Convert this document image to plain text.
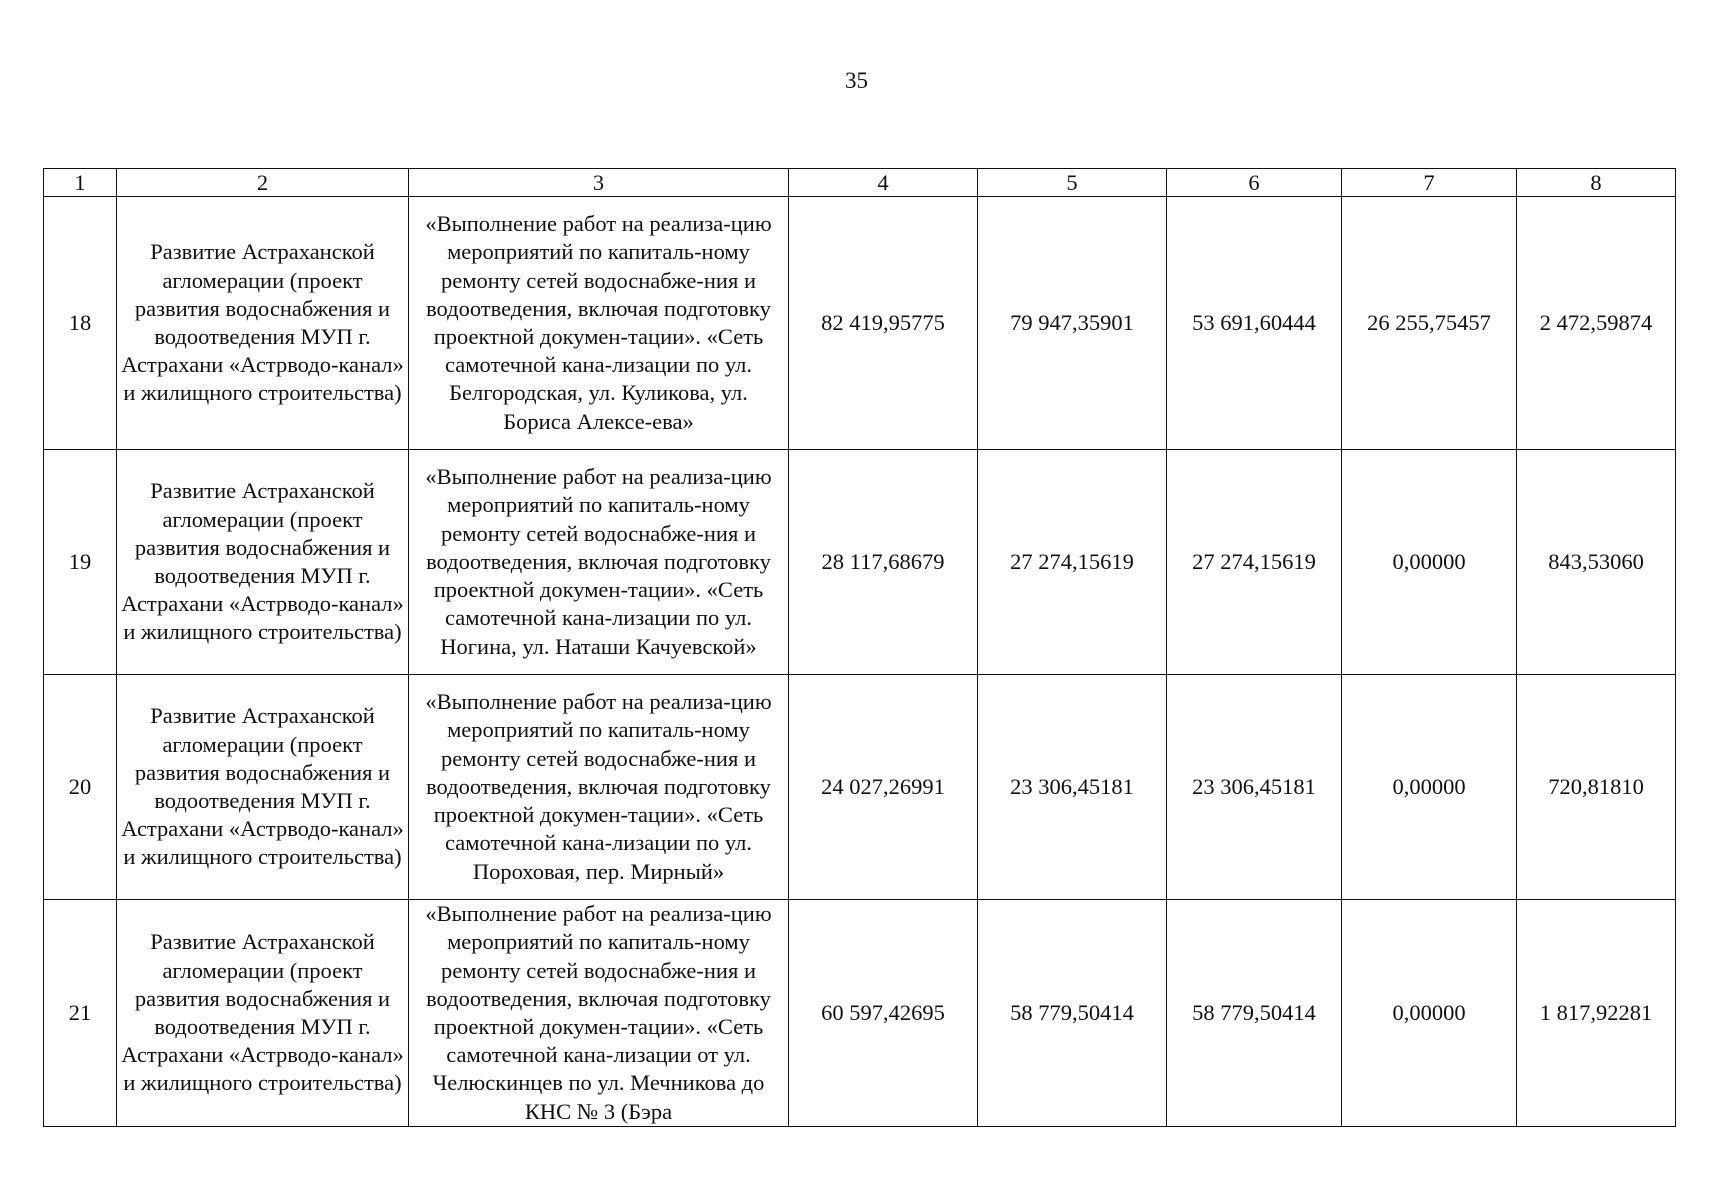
35
1	2	3	4	5	6	7	8
18	Развитие Астраханской агломерации (проект развития водоснабжения и водоотведения МУП г. Астрахани «Астрводо-канал» и жилищного строительства)	«Выполнение работ на реализа-цию мероприятий по капиталь-ному ремонту сетей водоснабже-ния и водоотведения, включая подготовку проектной докумен-тации». «Сеть самотечной кана-лизации по ул. Белгородская, ул. Куликова, ул. Бориса Алексе-ева»	82 419,95775	79 947,35901	53 691,60444	26 255,75457	2 472,59874
19	Развитие Астраханской агломерации (проект развития водоснабжения и водоотведения МУП г. Астрахани «Астрводо-канал» и жилищного строительства)	«Выполнение работ на реализа-цию мероприятий по капиталь-ному ремонту сетей водоснабже-ния и водоотведения, включая подготовку проектной докумен-тации». «Сеть самотечной кана-лизации по ул. Ногина, ул. Наташи Качуевской»	28 117,68679	27 274,15619	27 274,15619	0,00000	843,53060
20	Развитие Астраханской агломерации (проект развития водоснабжения и водоотведения МУП г. Астрахани «Астрводо-канал» и жилищного строительства)	«Выполнение работ на реализа-цию мероприятий по капиталь-ному ремонту сетей водоснабже-ния и водоотведения, включая подготовку проектной докумен-тации». «Сеть самотечной кана-лизации по ул. Пороховая, пер. Мирный»	24 027,26991	23 306,45181	23 306,45181	0,00000	720,81810
21	Развитие Астраханской агломерации (проект развития водоснабжения и водоотведения МУП г. Астрахани «Астрводо-канал» и жилищного строительства)	«Выполнение работ на реализа-цию мероприятий по капиталь-ному ремонту сетей водоснабже-ния и водоотведения, включая подготовку проектной докумен-тации». «Сеть самотечной кана-лизации от ул. Челюскинцев по ул. Мечникова до КНС № 3 (Бэра	60 597,42695	58 779,50414	58 779,50414	0,00000	1 817,92281
